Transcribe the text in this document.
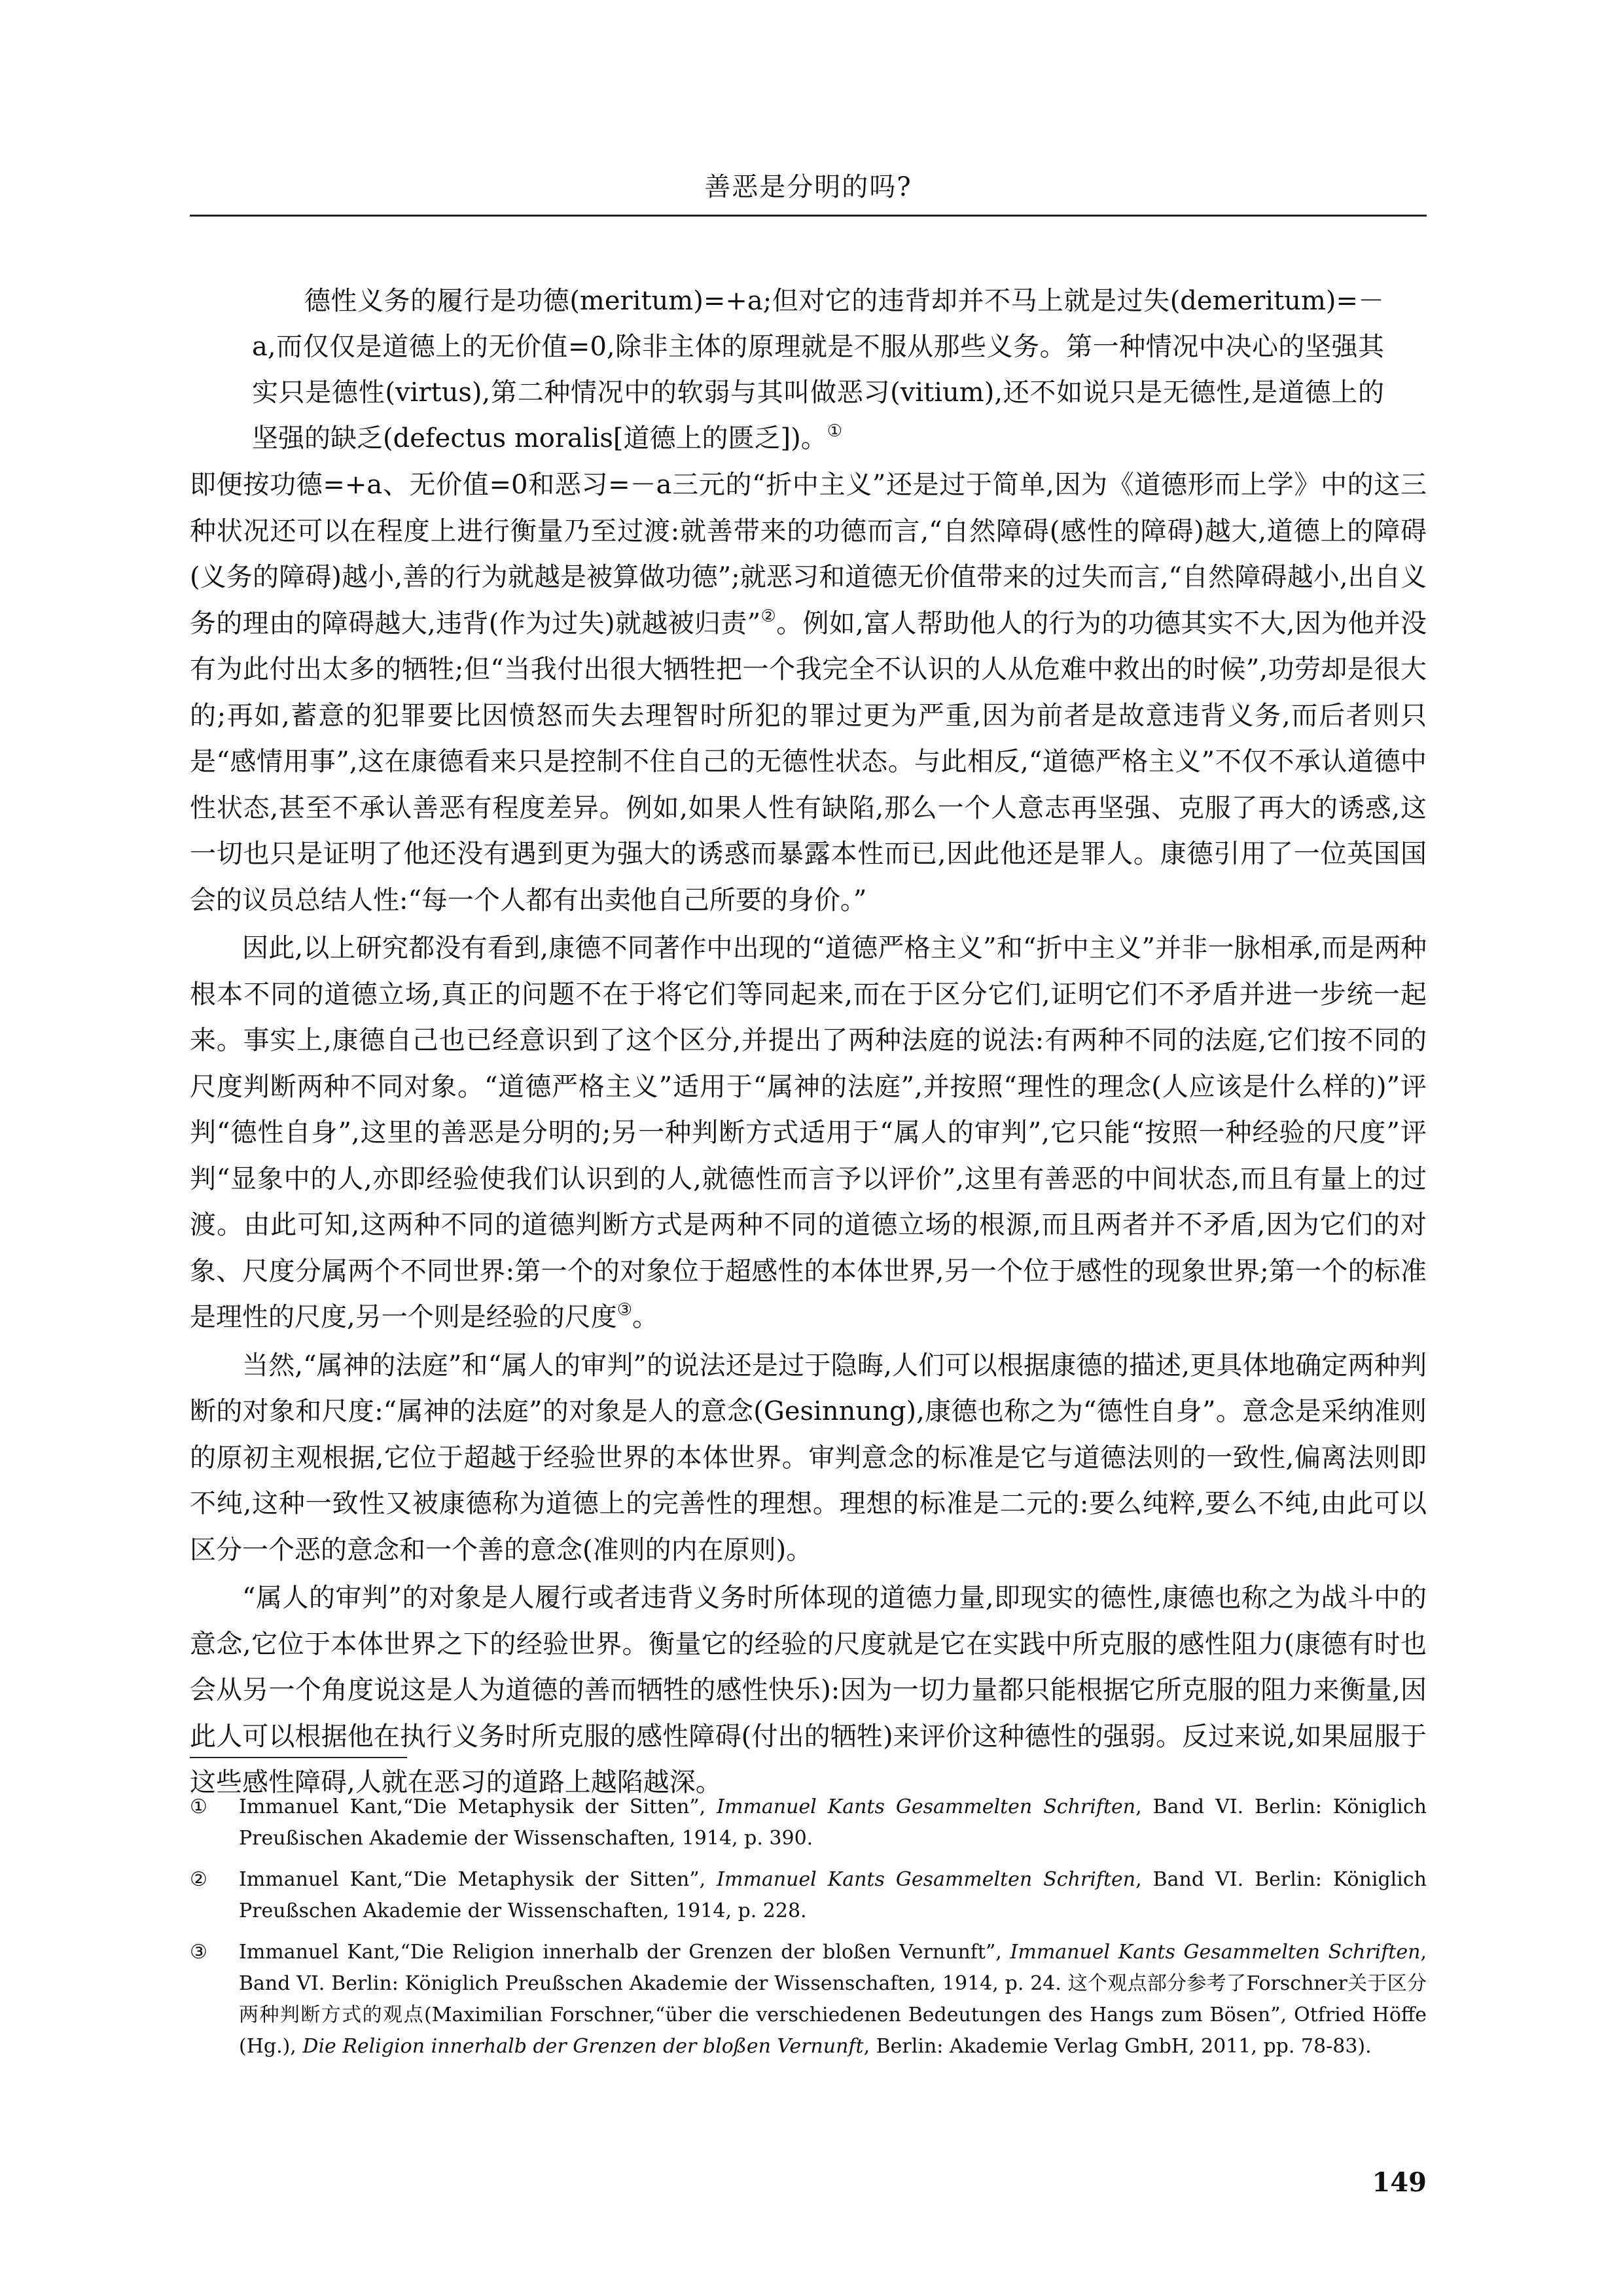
善恶是分明的吗?

德性义务的履行是功德(meritum)=+a;但对它的违背却并不马上就是过失(demeritum)=－a,而仅仅是道德上的无价值=0,除非主体的原理就是不服从那些义务。第一种情况中决心的坚强其实只是德性(virtus),第二种情况中的软弱与其叫做恶习(vitium),还不如说只是无德性,是道德上的坚强的缺乏(defectus moralis[道德上的匮乏])。①

即便按功德=+a、无价值=0和恶习=－a三元的“折中主义”还是过于简单,因为《道德形而上学》中的这三种状况还可以在程度上进行衡量乃至过渡:就善带来的功德而言,“自然障碍(感性的障碍)越大,道德上的障碍(义务的障碍)越小,善的行为就越是被算做功德”;就恶习和道德无价值带来的过失而言,“自然障碍越小,出自义务的理由的障碍越大,违背(作为过失)就越被归责”②。例如,富人帮助他人的行为的功德其实不大,因为他并没有为此付出太多的牺牲;但“当我付出很大牺牲把一个我完全不认识的人从危难中救出的时候”,功劳却是很大的;再如,蓄意的犯罪要比因愤怒而失去理智时所犯的罪过更为严重,因为前者是故意违背义务,而后者则只是“感情用事”,这在康德看来只是控制不住自己的无德性状态。与此相反,“道德严格主义”不仅不承认道德中性状态,甚至不承认善恶有程度差异。例如,如果人性有缺陷,那么一个人意志再坚强、克服了再大的诱惑,这一切也只是证明了他还没有遇到更为强大的诱惑而暴露本性而已,因此他还是罪人。康德引用了一位英国国会的议员总结人性:“每一个人都有出卖他自己所要的身价。”

因此,以上研究都没有看到,康德不同著作中出现的“道德严格主义”和“折中主义”并非一脉相承,而是两种根本不同的道德立场,真正的问题不在于将它们等同起来,而在于区分它们,证明它们不矛盾并进一步统一起来。事实上,康德自己也已经意识到了这个区分,并提出了两种法庭的说法:有两种不同的法庭,它们按不同的尺度判断两种不同对象。“道德严格主义”适用于“属神的法庭”,并按照“理性的理念(人应该是什么样的)”评判“德性自身”,这里的善恶是分明的;另一种判断方式适用于“属人的审判”,它只能“按照一种经验的尺度”评判“显象中的人,亦即经验使我们认识到的人,就德性而言予以评价”,这里有善恶的中间状态,而且有量上的过渡。由此可知,这两种不同的道德判断方式是两种不同的道德立场的根源,而且两者并不矛盾,因为它们的对象、尺度分属两个不同世界:第一个的对象位于超感性的本体世界,另一个位于感性的现象世界;第一个的标准是理性的尺度,另一个则是经验的尺度③。

当然,“属神的法庭”和“属人的审判”的说法还是过于隐晦,人们可以根据康德的描述,更具体地确定两种判断的对象和尺度:“属神的法庭”的对象是人的意念(Gesinnung),康德也称之为“德性自身”。意念是采纳准则的原初主观根据,它位于超越于经验世界的本体世界。审判意念的标准是它与道德法则的一致性,偏离法则即不纯,这种一致性又被康德称为道德上的完善性的理想。理想的标准是二元的:要么纯粹,要么不纯,由此可以区分一个恶的意念和一个善的意念(准则的内在原则)。

“属人的审判”的对象是人履行或者违背义务时所体现的道德力量,即现实的德性,康德也称之为战斗中的意念,它位于本体世界之下的经验世界。衡量它的经验的尺度就是它在实践中所克服的感性阻力(康德有时也会从另一个角度说这是人为道德的善而牺牲的感性快乐):因为一切力量都只能根据它所克服的阻力来衡量,因此人可以根据他在执行义务时所克服的感性障碍(付出的牺牲)来评价这种德性的强弱。反过来说,如果屈服于这些感性障碍,人就在恶习的道路上越陷越深。

① Immanuel Kant,“Die Metaphysik der Sitten”, Immanuel Kants Gesammelten Schriften, Band VI. Berlin: Königlich Preußischen Akademie der Wissenschaften, 1914, p. 390.
② Immanuel Kant,“Die Metaphysik der Sitten”, Immanuel Kants Gesammelten Schriften, Band VI. Berlin: Königlich Preußschen Akademie der Wissenschaften, 1914, p. 228.
③ Immanuel Kant,“Die Religion innerhalb der Grenzen der bloßen Vernunft”, Immanuel Kants Gesammelten Schriften, Band VI. Berlin: Königlich Preußschen Akademie der Wissenschaften, 1914, p. 24. 这个观点部分参考了Forschner关于区分两种判断方式的观点(Maximilian Forschner,“über die verschiedenen Bedeutungen des Hangs zum Bösen”, Otfried Höffe (Hg.), Die Religion innerhalb der Grenzen der bloßen Vernunft, Berlin: Akademie Verlag GmbH, 2011, pp. 78-83).
149
